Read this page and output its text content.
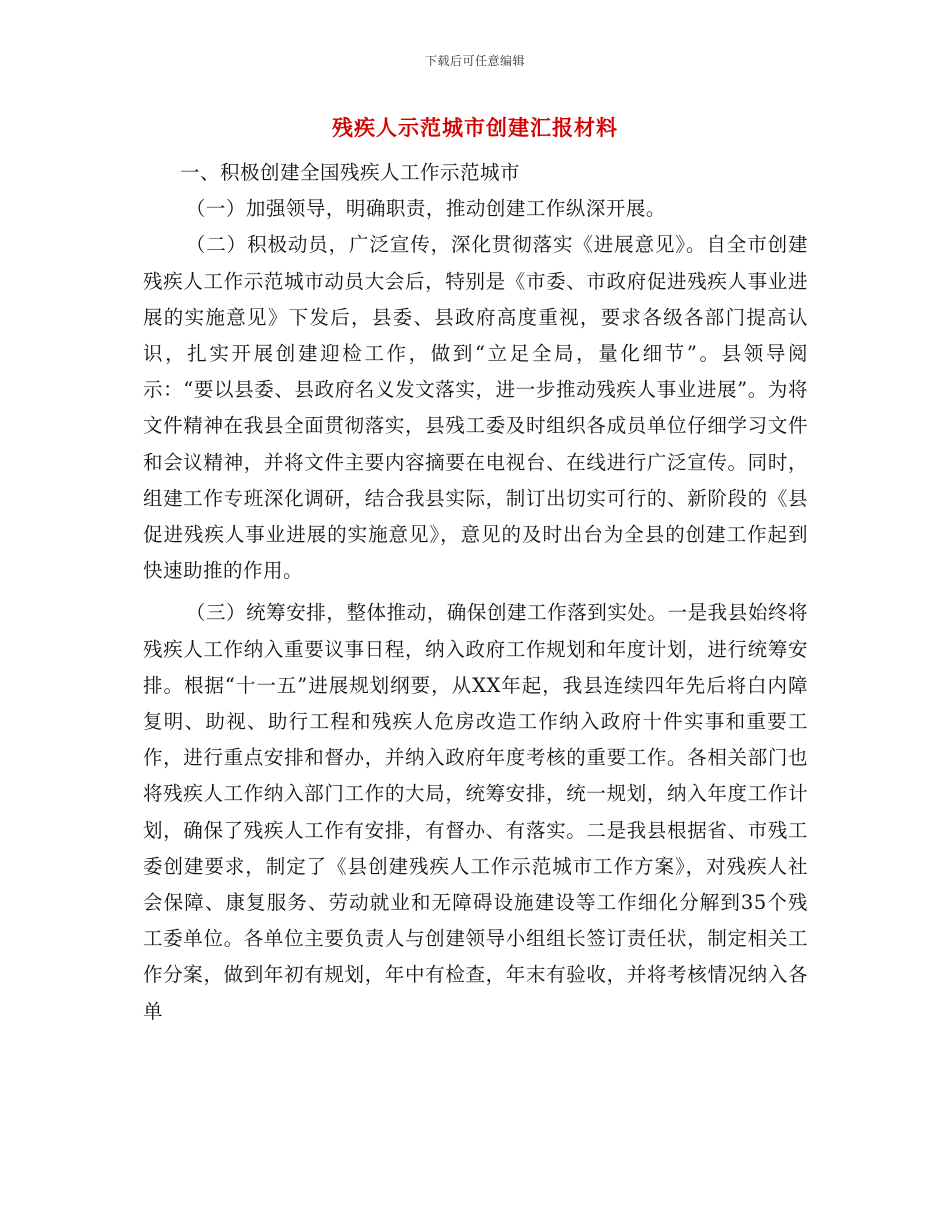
下载后可任意编辑
残疾人示范城市创建汇报材料

一、积极创建全国残疾人工作示范城市

（一）加强领导，明确职责，推动创建工作纵深开展。

（二）积极动员，广泛宣传，深化贯彻落实《进展意见》。自全市创建残疾人工作示范城市动员大会后，特别是《市委、市政府促进残疾人事业进展的实施意见》下发后，县委、县政府高度重视，要求各级各部门提高认识，扎实开展创建迎检工作，做到“立足全局，量化细节”。县领导阅示：“要以县委、县政府名义发文落实，进一步推动残疾人事业进展”。为将文件精神在我县全面贯彻落实，县残工委及时组织各成员单位仔细学习文件和会议精神，并将文件主要内容摘要在电视台、在线进行广泛宣传。同时，组建工作专班深化调研，结合我县实际，制订出切实可行的、新阶段的《县促进残疾人事业进展的实施意见》，意见的及时出台为全县的创建工作起到快速助推的作用。

（三）统筹安排，整体推动，确保创建工作落到实处。一是我县始终将残疾人工作纳入重要议事日程，纳入政府工作规划和年度计划，进行统筹安排。根据“十一五”进展规划纲要，从XX年起，我县连续四年先后将白内障复明、助视、助行工程和残疾人危房改造工作纳入政府十件实事和重要工作，进行重点安排和督办，并纳入政府年度考核的重要工作。各相关部门也将残疾人工作纳入部门工作的大局，统筹安排，统一规划，纳入年度工作计划，确保了残疾人工作有安排，有督办、有落实。二是我县根据省、市残工委创建要求，制定了《县创建残疾人工作示范城市工作方案》，对残疾人社会保障、康复服务、劳动就业和无障碍设施建设等工作细化分解到35个残工委单位。各单位主要负责人与创建领导小组组长签订责任状，制定相关工作分案，做到年初有规划，年中有检查，年末有验收，并将考核情况纳入各单
